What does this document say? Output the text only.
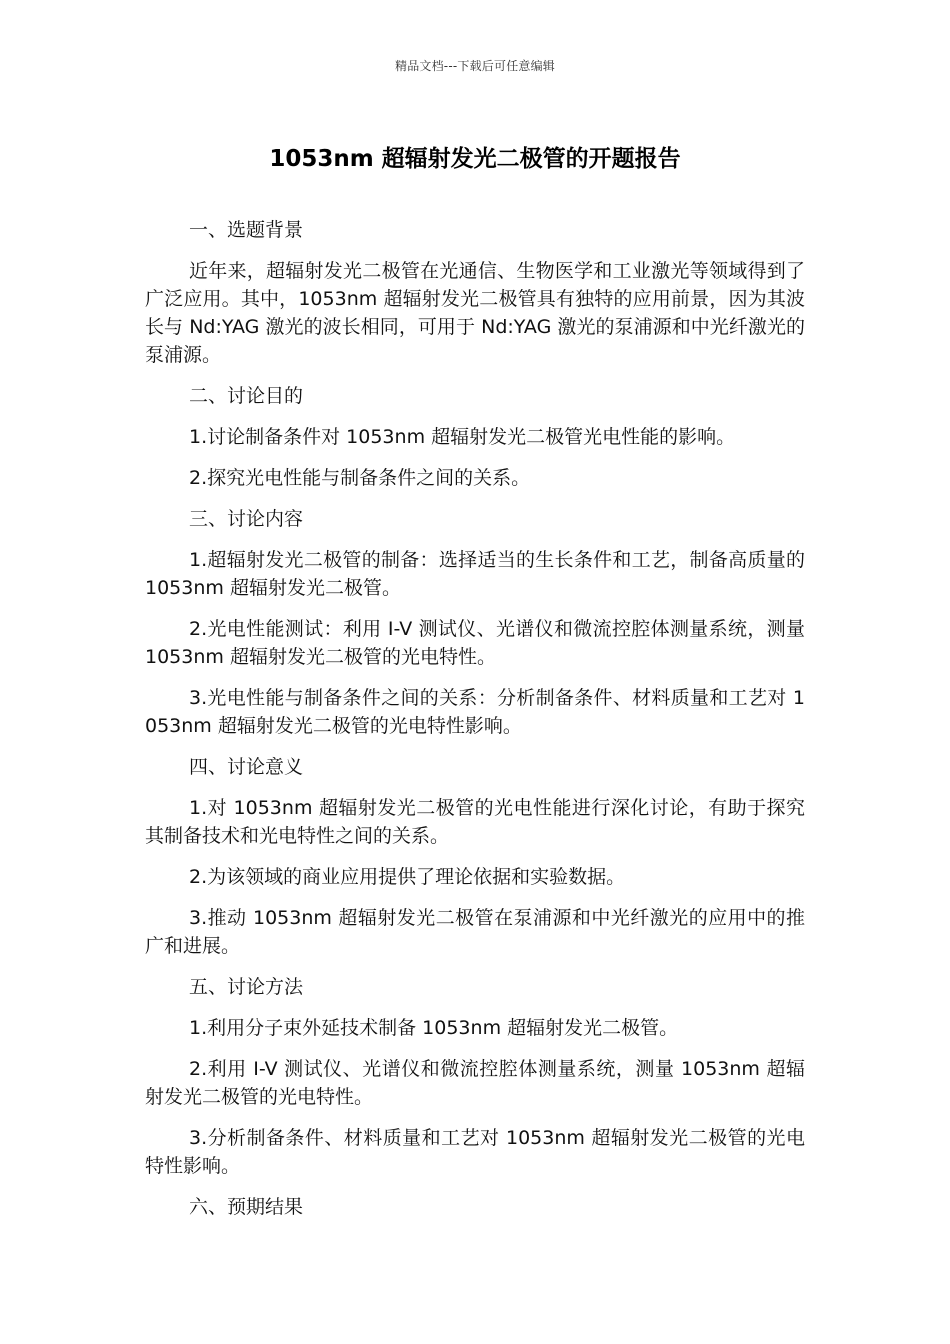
精品文档---下载后可任意编辑
1053nm 超辐射发光二极管的开题报告

一、选题背景

近年来，超辐射发光二极管在光通信、生物医学和工业激光等领域得到了广泛应用。其中，1053nm 超辐射发光二极管具有独特的应用前景，因为其波长与 Nd:YAG 激光的波长相同，可用于 Nd:YAG 激光的泵浦源和中光纤激光的泵浦源。

二、讨论目的

1.讨论制备条件对 1053nm 超辐射发光二极管光电性能的影响。

2.探究光电性能与制备条件之间的关系。

三、讨论内容

1.超辐射发光二极管的制备：选择适当的生长条件和工艺，制备高质量的 1053nm 超辐射发光二极管。

2.光电性能测试：利用 I-V 测试仪、光谱仪和微流控腔体测量系统，测量 1053nm 超辐射发光二极管的光电特性。

3.光电性能与制备条件之间的关系：分析制备条件、材料质量和工艺对 1053nm 超辐射发光二极管的光电特性影响。

四、讨论意义

1.对 1053nm 超辐射发光二极管的光电性能进行深化讨论，有助于探究其制备技术和光电特性之间的关系。

2.为该领域的商业应用提供了理论依据和实验数据。

3.推动 1053nm 超辐射发光二极管在泵浦源和中光纤激光的应用中的推广和进展。

五、讨论方法

1.利用分子束外延技术制备 1053nm 超辐射发光二极管。

2.利用 I-V 测试仪、光谱仪和微流控腔体测量系统，测量 1053nm 超辐射发光二极管的光电特性。

3.分析制备条件、材料质量和工艺对 1053nm 超辐射发光二极管的光电特性影响。

六、预期结果
